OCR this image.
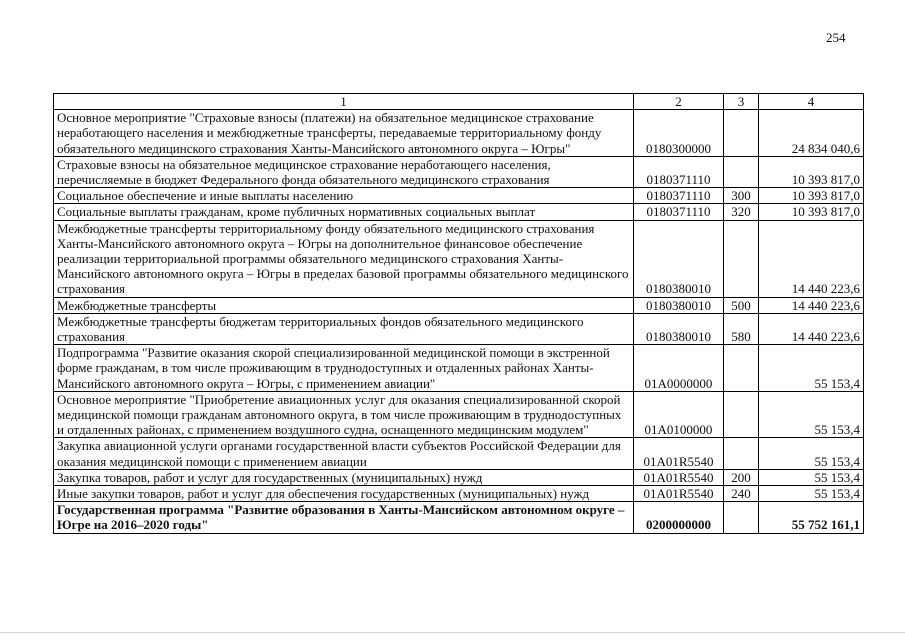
254
1	2	3	4
Основное мероприятие "Страховые взносы (платежи) на обязательное медицинское страхование неработающего населения и межбюджетные трансферты, передаваемые территориальному фонду обязательного медицинского страхования Ханты-Мансийского автономного округа – Югры"	0180300000		24 834 040,6
Страховые взносы на обязательное медицинское страхование неработающего населения, перечисляемые в бюджет Федерального фонда обязательного медицинского страхования	0180371110		10 393 817,0
Социальное обеспечение и иные выплаты населению	0180371110	300	10 393 817,0
Социальные выплаты гражданам, кроме публичных нормативных социальных выплат	0180371110	320	10 393 817,0
Межбюджетные трансферты территориальному фонду обязательного медицинского страхования Ханты-Мансийского автономного округа – Югры на дополнительное финансовое обеспечение реализации территориальной программы обязательного медицинского страхования Ханты-Мансийского автономного округа – Югры в пределах базовой программы обязательного медицинского страхования	0180380010		14 440 223,6
Межбюджетные трансферты	0180380010	500	14 440 223,6
Межбюджетные трансферты бюджетам территориальных фондов обязательного медицинского страхования	0180380010	580	14 440 223,6
Подпрограмма "Развитие оказания скорой специализированной медицинской помощи в экстренной форме гражданам, в том числе проживающим в труднодоступных и отдаленных районах Ханты-Мансийского автономного округа – Югры, с применением авиации"	01А0000000		55 153,4
Основное мероприятие "Приобретение авиационных услуг для оказания специализированной скорой медицинской помощи гражданам автономного округа, в том числе проживающим в труднодоступных и отдаленных районах, с применением воздушного судна, оснащенного медицинским модулем"	01А0100000		55 153,4
Закупка авиационной услуги органами государственной власти субъектов Российской Федерации для оказания медицинской помощи с применением авиации	01А01R5540		55 153,4
Закупка товаров, работ и услуг для государственных (муниципальных) нужд	01А01R5540	200	55 153,4
Иные закупки товаров, работ и услуг для обеспечения государственных (муниципальных) нужд	01А01R5540	240	55 153,4
Государственная программа "Развитие образования в Ханты-Мансийском автономном округе – Югре на 2016–2020 годы"	0200000000		55 752 161,1
